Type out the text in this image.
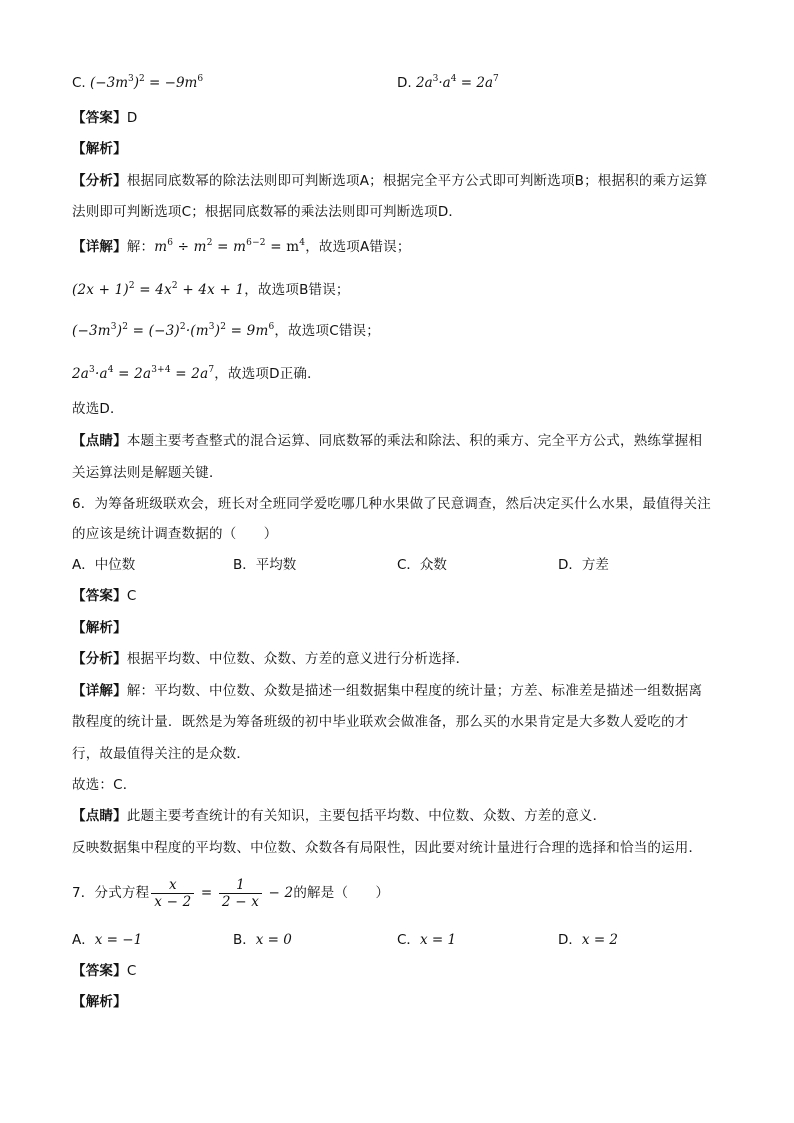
C. $(-3m^3)^2 = -9m^6$	D. $2a^3\cdot a^4 = 2a^7$
【答案】D
【解析】
【分析】根据同底数幂的除法法则即可判断选项A；根据完全平方公式即可判断选项B；根据积的乘方运算
法则即可判断选项C；根据同底数幂的乘法法则即可判断选项D．
【详解】解：$m^6 \div m^2 = m^{6-2} = m^4$，故选项A错误；
$(2x + 1)^2 = 4x^2 + 4x + 1$，故选项B错误；
$(-3m^3)^2 = (-3)^2\cdot(m^3)^2 = 9m^6$，故选项C错误；
$2a^3\cdot a^4 = 2a^{3+4} = 2a^7$，故选项D正确．
故选D．
【点睛】本题主要考查整式的混合运算、同底数幂的乘法和除法、积的乘方、完全平方公式，熟练掌握相
关运算法则是解题关键．
6．为筹备班级联欢会，班长对全班同学爱吃哪几种水果做了民意调查，然后决定买什么水果，最值得关注
的应该是统计调查数据的（　　）
A．中位数	B．平均数	C．众数	D．方差
【答案】C
【解析】
【分析】根据平均数、中位数、众数、方差的意义进行分析选择．
【详解】解：平均数、中位数、众数是描述一组数据集中程度的统计量；方差、标准差是描述一组数据离
散程度的统计量．既然是为筹备班级的初中毕业联欢会做准备，那么买的水果肯定是大多数人爱吃的才
行，故最值得关注的是众数．
故选：C．
【点睛】此题主要考查统计的有关知识，主要包括平均数、中位数、众数、方差的意义．
反映数据集中程度的平均数、中位数、众数各有局限性，因此要对统计量进行合理的选择和恰当的运用．
7．分式方程 $\frac{x}{x - 2} = \frac{1}{2 - x} - 2$的解是（　　）
A．x = −1	B．x = 0	C．x = 1	D．x = 2
【答案】C
【解析】
